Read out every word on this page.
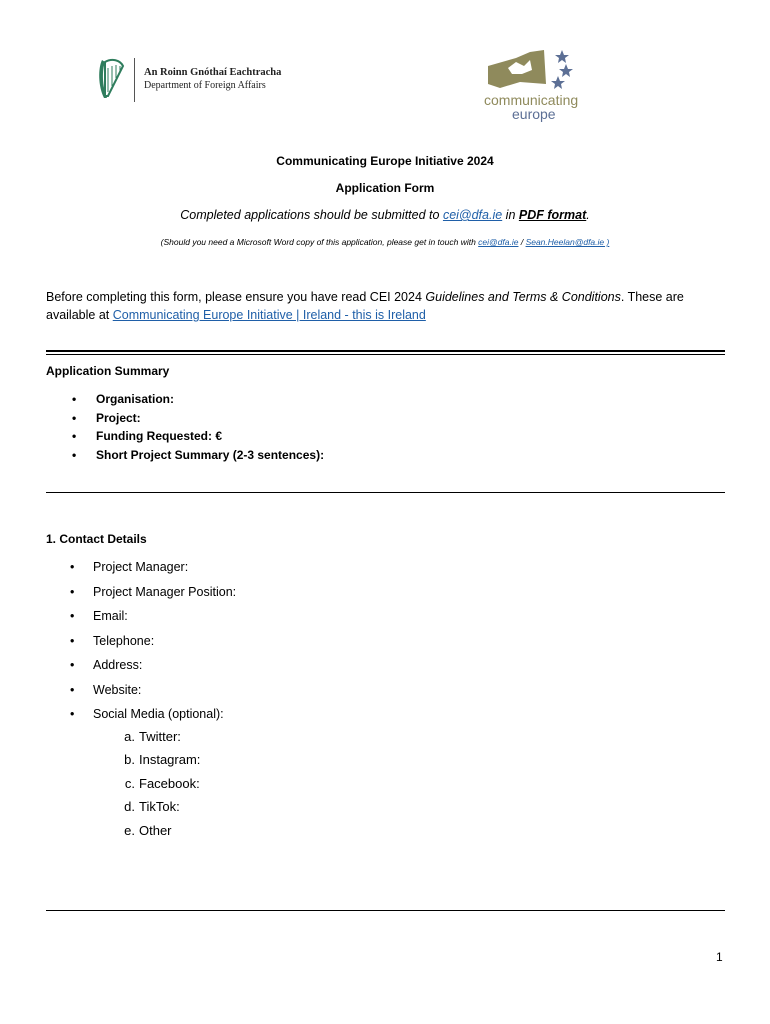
An Roinn Gnóthaí Eachtracha
Department of Foreign Affairs
communicating
europe
Communicating Europe Initiative 2024
Application Form
Completed applications should be submitted to cei@dfa.ie in PDF format.
(Should you need a Microsoft Word copy of this application, please get in touch with cei@dfa.ie / Sean.Heelan@dfa.ie )
Before completing this form, please ensure you have read CEI 2024 Guidelines and Terms & Conditions. These are
available at Communicating Europe Initiative | Ireland - this is Ireland
Application Summary
• Organisation:
• Project:
• Funding Requested: €
• Short Project Summary (2-3 sentences):
1. Contact Details
• Project Manager:
• Project Manager Position:
• Email:
• Telephone:
• Address:
• Website:
• Social Media (optional):
a. Twitter:
b. Instagram:
c. Facebook:
d. TikTok:
e. Other
1
